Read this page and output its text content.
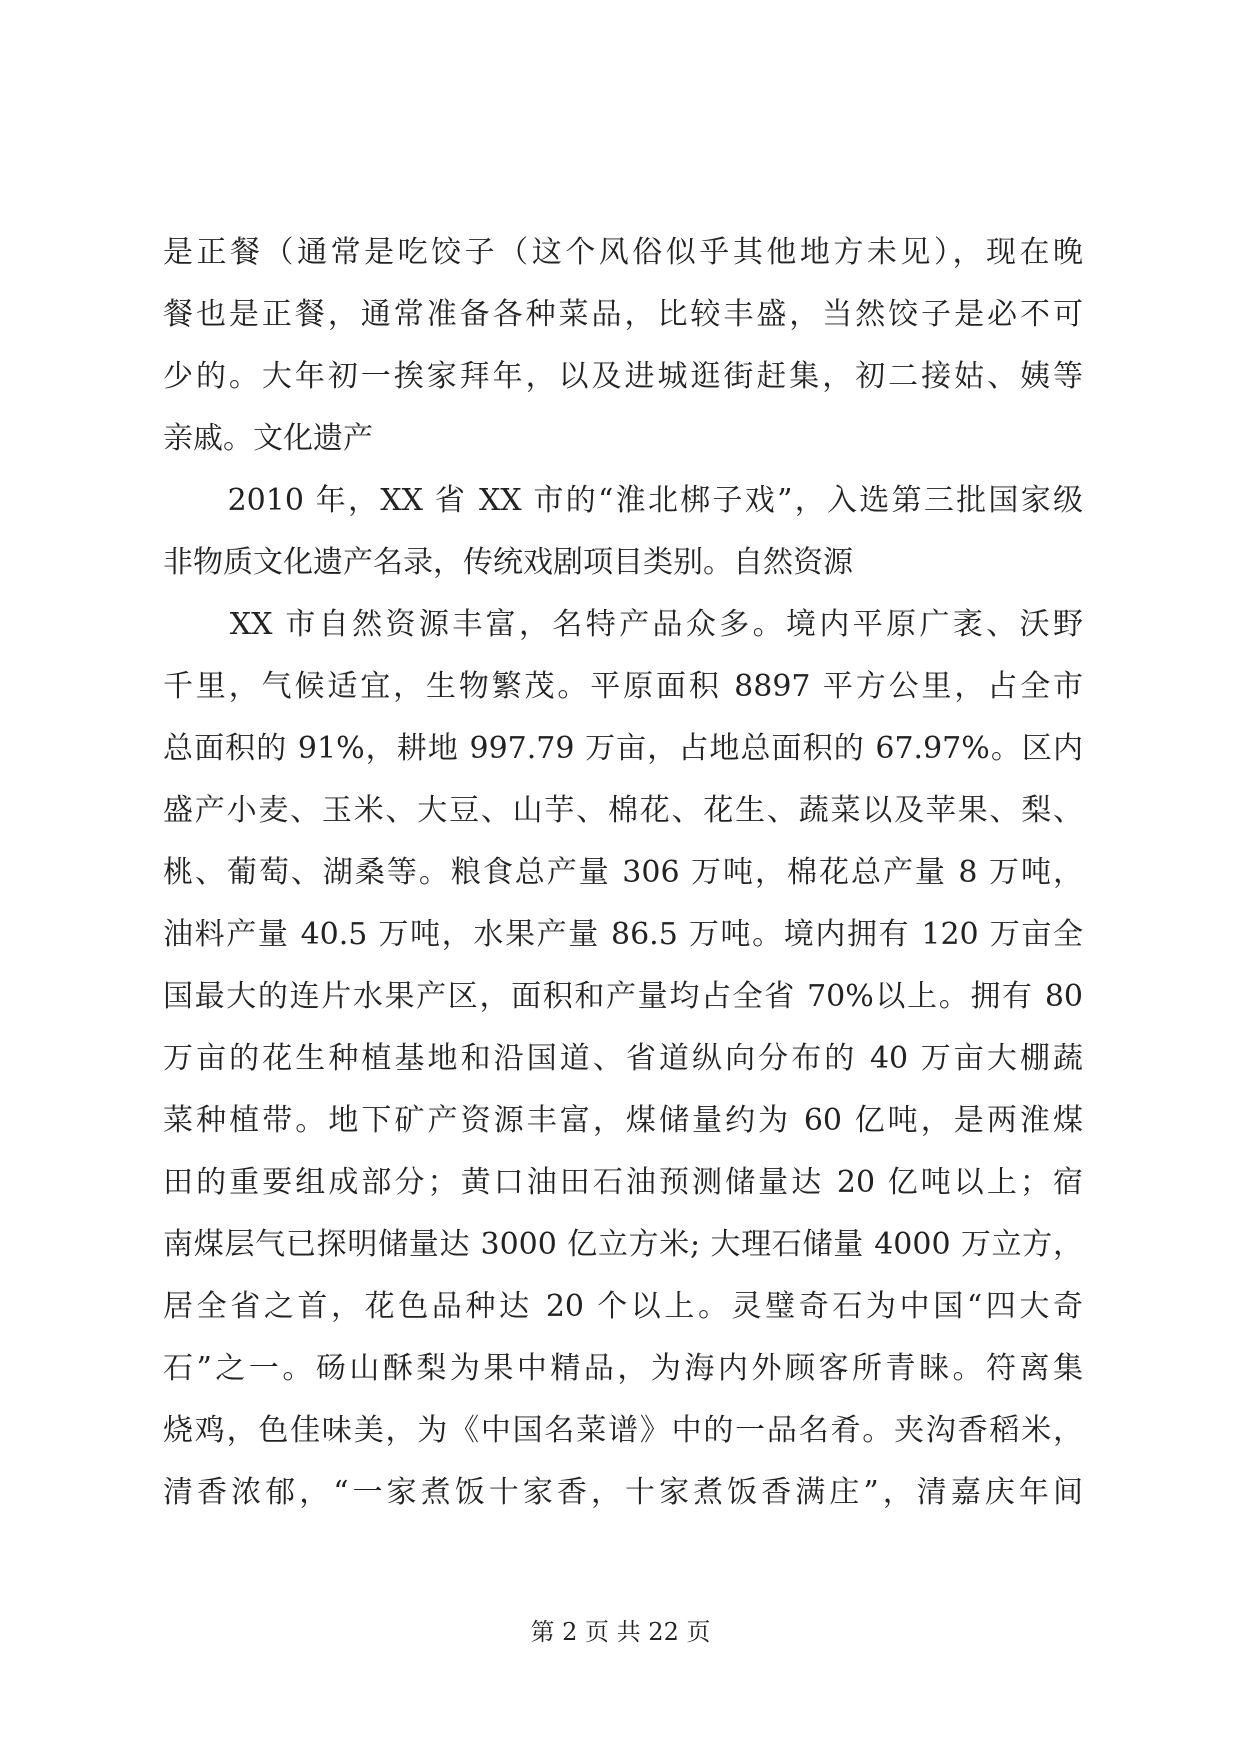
是正餐（通常是吃饺子（这个风俗似乎其他地方未见），现在晚
餐也是正餐，通常准备各种菜品，比较丰盛，当然饺子是必不可
少的。大年初一挨家拜年，以及进城逛街赶集，初二接姑、姨等
亲戚。文化遗产
　　2010 年，XX 省 XX 市的“淮北梆子戏”，入选第三批国家级
非物质文化遗产名录，传统戏剧项目类别。自然资源
　　XX 市自然资源丰富，名特产品众多。境内平原广袤、沃野
千里，气候适宜，生物繁茂。平原面积 8897 平方公里，占全市
总面积的 91%，耕地 997.79 万亩，占地总面积的 67.97%。区内
盛产小麦、玉米、大豆、山芋、棉花、花生、蔬菜以及苹果、梨、
桃、葡萄、湖桑等。粮食总产量 306 万吨，棉花总产量 8 万吨，
油料产量 40.5 万吨，水果产量 86.5 万吨。境内拥有 120 万亩全
国最大的连片水果产区，面积和产量均占全省 70%以上。拥有 80
万亩的花生种植基地和沿国道、省道纵向分布的 40 万亩大棚蔬
菜种植带。地下矿产资源丰富，煤储量约为 60 亿吨，是两淮煤
田的重要组成部分；黄口油田石油预测储量达 20 亿吨以上；宿
南煤层气已探明储量达 3000 亿立方米; 大理石储量 4000 万立方，
居全省之首，花色品种达 20 个以上。灵璧奇石为中国“四大奇
石”之一。砀山酥梨为果中精品，为海内外顾客所青睐。符离集
烧鸡，色佳味美，为《中国名菜谱》中的一品名肴。夹沟香稻米，
清香浓郁，“一家煮饭十家香，十家煮饭香满庄”，清嘉庆年间
第 2 页 共 22 页
